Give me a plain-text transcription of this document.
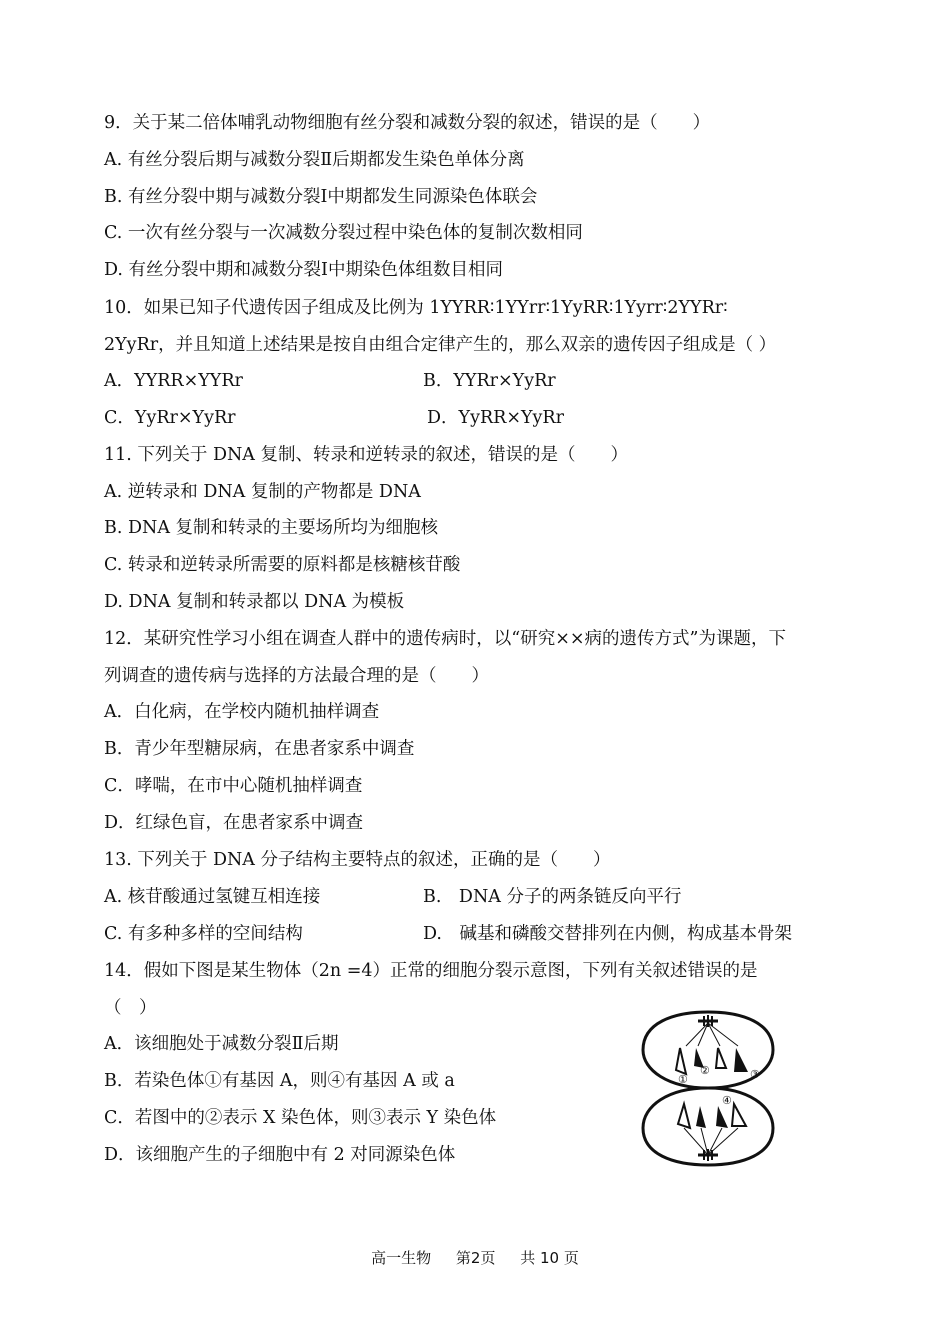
9．关于某二倍体哺乳动物细胞有丝分裂和减数分裂的叙述，错误的是（　　）
A. 有丝分裂后期与减数分裂Ⅱ后期都发生染色单体分离
B. 有丝分裂中期与减数分裂Ⅰ中期都发生同源染色体联会
C. 一次有丝分裂与一次减数分裂过程中染色体的复制次数相同
D. 有丝分裂中期和减数分裂Ⅰ中期染色体组数目相同
10．如果已知子代遗传因子组成及比例为 1YYRR∶1YYrr∶1YyRR∶1Yyrr∶2YYRr∶
2YyRr，并且知道上述结果是按自由组合定律产生的，那么双亲的遗传因子组成是（ ）
A．YYRR×YYRr	B．YYRr×YyRr
C．YyRr×YyRr	D．YyRR×YyRr
11. 下列关于 DNA 复制、转录和逆转录的叙述，错误的是（　　）
A. 逆转录和 DNA 复制的产物都是 DNA
B. DNA 复制和转录的主要场所均为细胞核
C. 转录和逆转录所需要的原料都是核糖核苷酸
D. DNA 复制和转录都以 DNA 为模板
12．某研究性学习小组在调查人群中的遗传病时，以“研究××病的遗传方式”为课题，下
列调查的遗传病与选择的方法最合理的是（　　）
A．白化病，在学校内随机抽样调查
B．青少年型糖尿病，在患者家系中调查
C．哮喘，在市中心随机抽样调查
D．红绿色盲，在患者家系中调查
13. 下列关于 DNA 分子结构主要特点的叙述，正确的是（　　）
A. 核苷酸通过氢键互相连接	B.　DNA 分子的两条链反向平行
C. 有多种多样的空间结构	D.　碱基和磷酸交替排列在内侧，构成基本骨架
14．假如下图是某生物体（2n =4）正常的细胞分裂示意图，下列有关叙述错误的是
（　）
A．该细胞处于减数分裂Ⅱ后期
B．若染色体①有基因 A，则④有基因 A 或 a
C．若图中的②表示 X 染色体，则③表示 Y 染色体
D．该细胞产生的子细胞中有 2 对同源染色体
①
②	③
④
高一生物 第2页 共 10 页
